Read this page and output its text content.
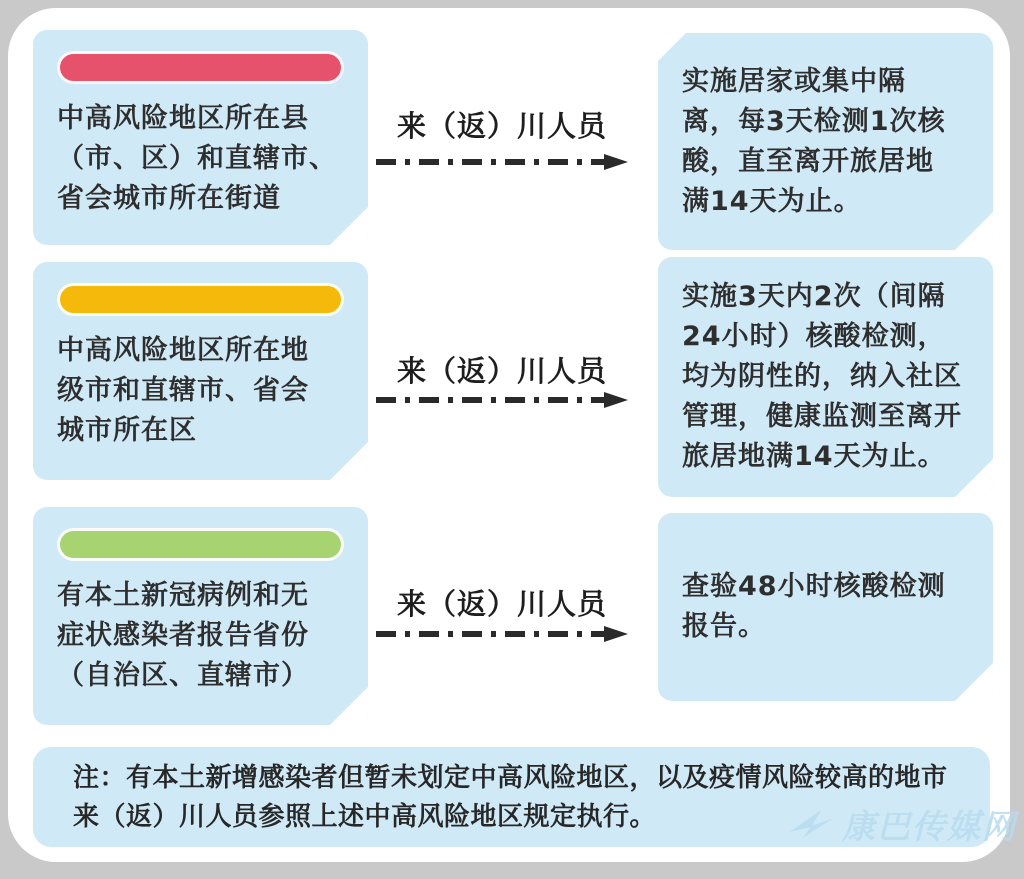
中高风险地区所在县
（市、区）和直辖市、
省会城市所在街道
来（返）川人员
实施居家或集中隔
离，每3天检测1次核
酸，直至离开旅居地
满14天为止。
中高风险地区所在地
级市和直辖市、省会
城市所在区
来（返）川人员
实施3天内2次（间隔
24小时）核酸检测，
均为阴性的，纳入社区
管理，健康监测至离开
旅居地满14天为止。
有本土新冠病例和无
症状感染者报告省份
（自治区、直辖市）
来（返）川人员
查验48小时核酸检测
报告。
注：有本土新增感染者但暂未划定中高风险地区，以及疫情风险较高的地市
来（返）川人员参照上述中高风险地区规定执行。	康巴传媒网
